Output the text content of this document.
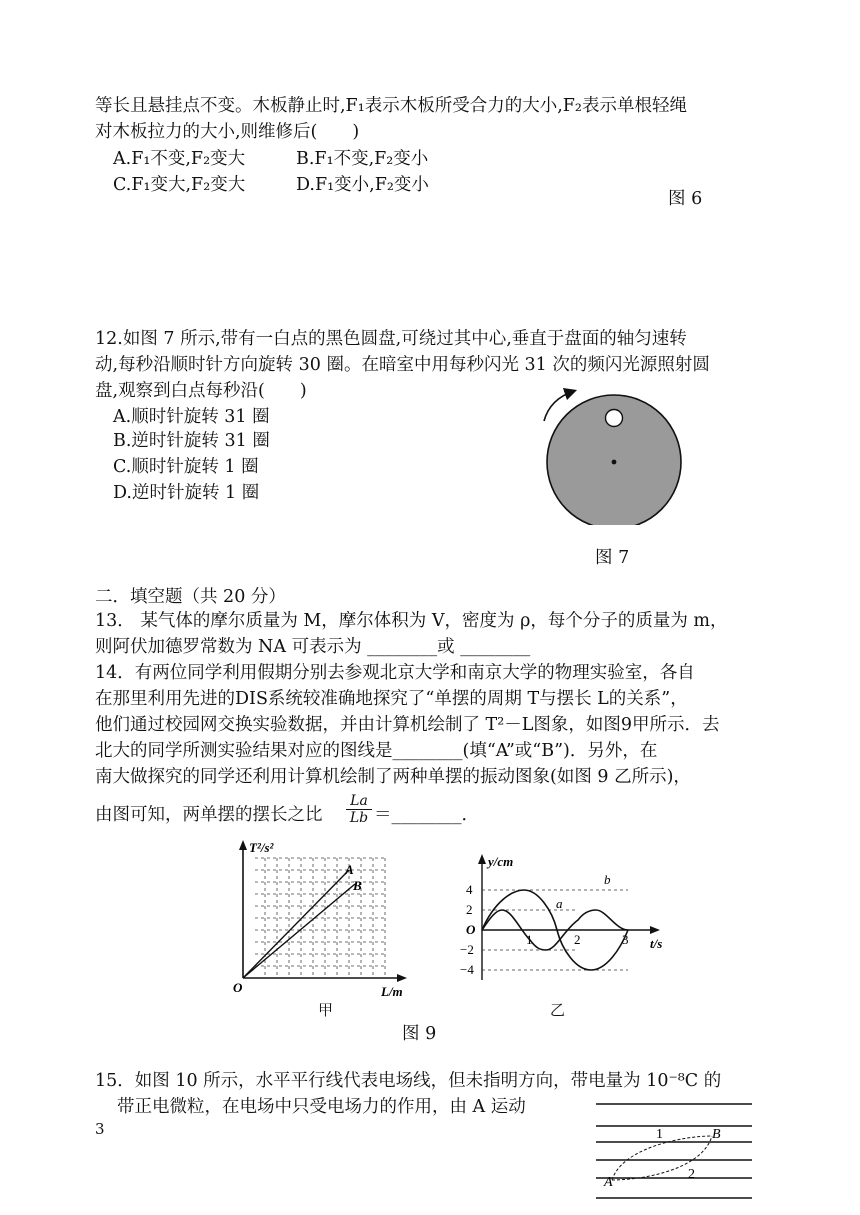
等长且悬挂点不变。木板静止时,F₁表示木板所受合力的大小,F₂表示单根轻绳
对木板拉力的大小,则维修后(　　)
A.F₁不变,F₂变大	B.F₁不变,F₂变小
C.F₁变大,F₂变大	D.F₁变小,F₂变小
图 6
12.如图 7 所示,带有一白点的黑色圆盘,可绕过其中心,垂直于盘面的轴匀速转
动,每秒沿顺时针方向旋转 30 圈。在暗室中用每秒闪光 31 次的频闪光源照射圆
盘,观察到白点每秒沿(　　)
A.顺时针旋转 31 圈
B.逆时针旋转 31 圈
C.顺时针旋转 1 圈
D.逆时针旋转 1 圈
图 7
二．填空题（共 20 分）
13． 某气体的摩尔质量为 M，摩尔体积为 V，密度为 ρ，每个分子的质量为 m，
则阿伏加德罗常数为 NA 可表示为 ________或 ________
14．有两位同学利用假期分别去参观北京大学和南京大学的物理实验室，各自
在那里利用先进的DIS系统较准确地探究了“单摆的周期 T与摆长 L的关系”，
他们通过校园网交换实验数据，并由计算机绘制了 T²－L图象，如图9甲所示．去
北大的同学所测实验结果对应的图线是________(填“A”或“B”)．另外，在
南大做探究的同学还利用计算机绘制了两种单摆的振动图象(如图 9 乙所示)，
由图可知，两单摆的摆长之比 $\frac{La}{Lb}$ ＝________．
T²/s²
A
B
O	L/m
甲
y/cm
4
2
O
−2
−4
1	2	3 t/s
a
b
乙
图 9
15．如图 10 所示，水平平行线代表电场线，但未指明方向，带电量为 10⁻⁸C 的
带正电微粒，在电场中只受电场力的作用，由 A 运动
B
1
2
A
3
